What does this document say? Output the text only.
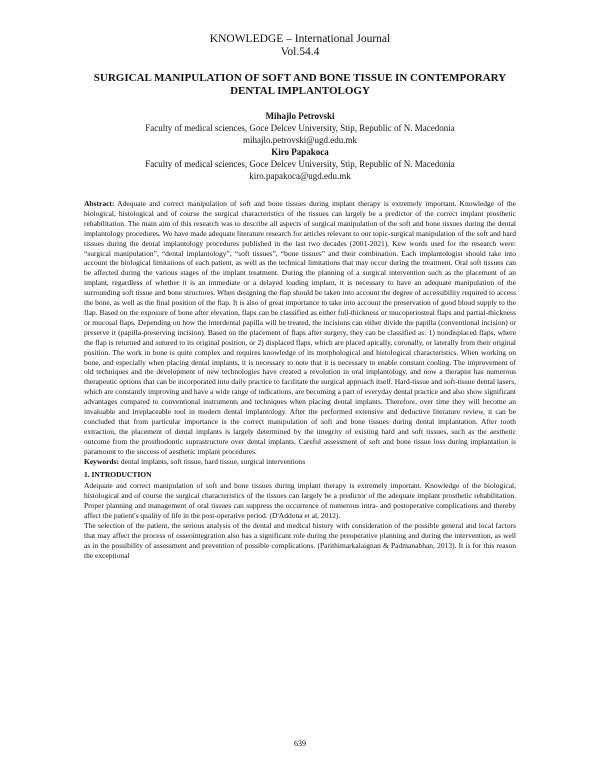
KNOWLEDGE – International Journal
Vol.54.4
SURGICAL MANIPULATION OF SOFT AND BONE TISSUE IN CONTEMPORARY
DENTAL IMPLANTOLOGY
Mihajlo Petrovski
Faculty of medical sciences, Goce Delcev University, Stip, Republic of N. Macedonia
mihajlo.petrovski@ugd.edu.mk
Kiro Papakoca
Faculty of medical sciences, Goce Delcev University, Stip, Republic of N. Macedonia
kiro.papakoca@ugd.edu.mk

Abstract: Adequate and correct manipulation of soft and bone tissues during implant therapy is extremely important. Knowledge of the biological, histological and of course the surgical characteristics of the tissues can largely be a predictor of the correct implant prosthetic rehabilitation. The main aim of this research was to describe all aspects of surgical manipulation of the soft and bone tissues during the dental implantology procedures. We have made adequate literature research for articles relevant to our topic-surgical manipulation of the soft and hard tissues during the dental implantology procedures published in the last two decades (2001-2021). Kew words used for the research were: “surgical manipulation”, “dental implantology”, “soft tissues”, “bone tissues” and their combination. Each implantologist should take into account the biological limitations of each patient, as well as the technical limitations that may occur during the treatment. Oral soft tissues can be affected during the various stages of the implant treatment. During the planning of a surgical intervention such as the placement of an implant, regardless of whether it is an immediate or a delayed loading implant, it is necessary to have an adequate manipulation of the surrounding soft tissue and bone structures. When designing the flap should be taken into account the degree of accessibility required to access the bone, as well as the final position of the flap. It is also of great importance to take into account the preservation of good blood supply to the flap. Based on the exposure of bone after elevation, flaps can be classified as either full-thickness or mucoperiosteal flaps and partial-thickness or mucosal flaps. Depending on how the interdental papilla will be treated, the incisions can either divide the papilla (conventional incision) or preserve it (papilla-preserving incision). Based on the placement of flaps after surgery, they can be classified as: 1) nondisplaced flaps, where the flap is returned and sutured to its original position, or 2) displaced flaps, which are placed apically, coronally, or laterally from their original position. The work in bone is quite complex and requires knowledge of its morphological and histological characteristics. When working on bone, and especially when placing dental implants, it is necessary to note that it is necessary to enable constant cooling. The improvement of old techniques and the development of new technologies have created a revolution in oral implantology, and now a therapist has numerous therapeutic options that can be incorporated into daily practice to facilitate the surgical approach itself. Hard-tissue and soft-tissue dental lasers, which are constantly improving and have a wide range of indications, are becoming a part of everyday dental practice and also show significant advantages compared to conventional instruments and techniques when placing dental implants. Therefore, over time they will become an invaluable and irreplaceable tool in modern dental implantology. After the performed extensive and deductive literature review, it can be concluded that from particular importance is the correct manipulation of soft and bone tissues during dental implantation. After tooth extraction, the placement of dental implants is largely determined by the integrity of existing hard and soft tissues, such as the aesthetic outcome from the prosthodontic suprastructure over dental implants. Careful assessment of soft and bone tissue loss during implantation is paramount to the success of aesthetic implant procedures.

Keywords: dental implants, soft tissue, hard tissue, surgical interventions

1. INTRODUCTION

Adequate and correct manipulation of soft and bone tissues during implant therapy is extremely important. Knowledge of the biological, histological and of course the surgical characteristics of the tissues can largely be a predictor of the adequate implant prosthetic rehabilitation. Proper planning and management of oral tissues can suppress the occurrence of numerous intra- and postoperative complications and thereby affect the patient's quality of life in the post-operative period. (D'Addona et al, 2012).

The selection of the patient, the serious analysis of the dental and medical history with consideration of the possible general and local factors that may affect the process of osseointegration also has a significant role during the preoperative planning and during the intervention, as well as in the possibility of assessment and prevention of possible complications. (Parithimarkalaignan & Padmanabhan, 2013). It is for this reason the exceptional

639
